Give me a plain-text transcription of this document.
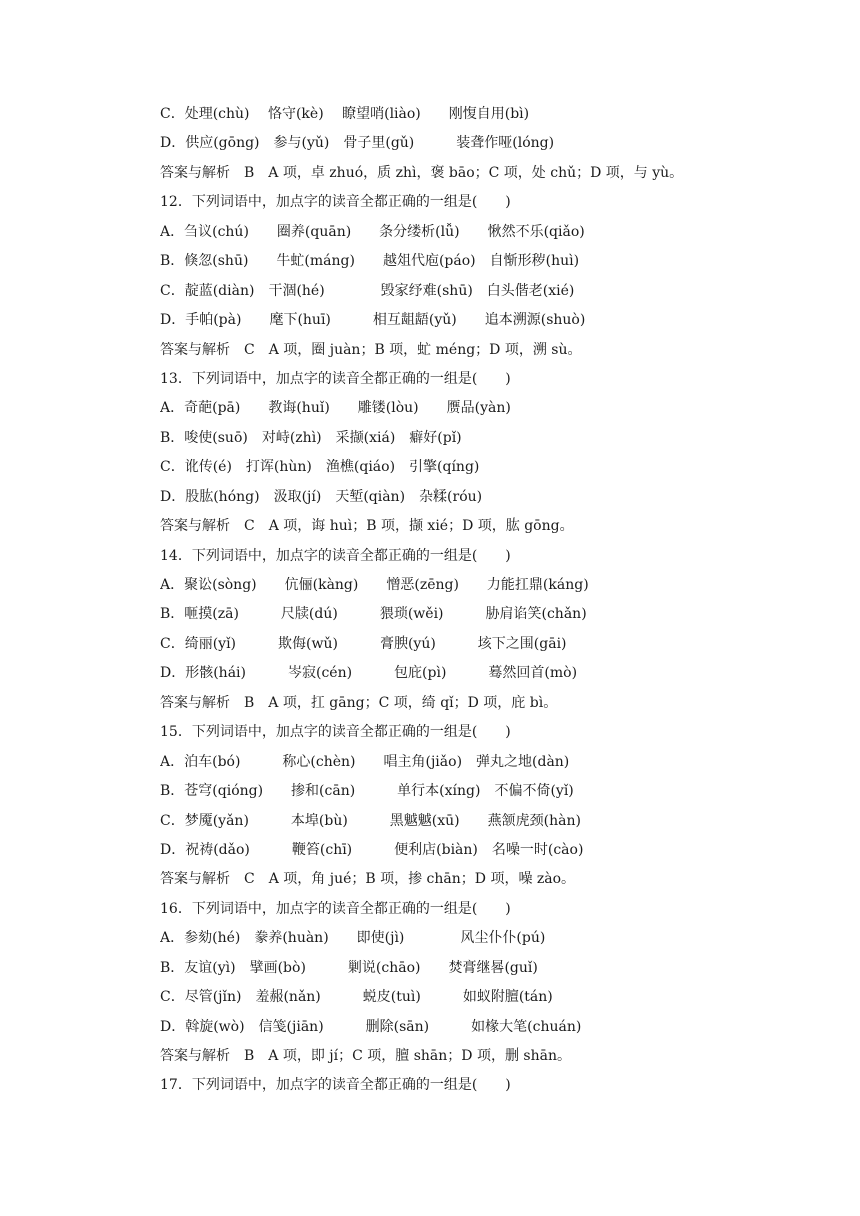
C．处理(chù)　 恪守(kè)　 瞭望哨(liào)　　刚愎自用(bì)
D．供应(gōng)　参与(yǔ)　骨子里(gǔ)　　　装聋作哑(lóng)
答案与解析　B　A 项，卓 zhuó，质 zhì，褒 bāo；C 项，处 chǔ；D 项，与 yù。
12．下列词语中，加点字的读音全都正确的一组是(　　)
A．刍议(chú)　　圈养(quān)　　条分缕析(lǚ)　　愀然不乐(qiǎo)
B．倏忽(shū)　　牛虻(máng)　　越俎代庖(páo)　自惭形秽(huì)
C．靛蓝(diàn)　干涸(hé)　　　　毁家纾难(shū)　白头偕老(xié)
D．手帕(pà)　　麾下(huī)　　　相互龃龉(yǔ)　　追本溯源(shuò)
答案与解析　C　A 项，圈 juàn；B 项，虻 méng；D 项，溯 sù。
13．下列词语中，加点字的读音全都正确的一组是(　　)
A．奇葩(pā)　　教诲(huǐ)　　雕镂(lòu)　　赝品(yàn)
B．唆使(suō)　对峙(zhì)　采撷(xiá)　癖好(pǐ)
C．讹传(é)　打诨(hùn)　渔樵(qiáo)　引擎(qíng)
D．股肱(hóng)　汲取(jí)　天堑(qiàn)　杂糅(róu)
答案与解析　C　A 项，诲 huì；B 项，撷 xié；D 项，肱 gōng。
14．下列词语中，加点字的读音全都正确的一组是(　　)
A．聚讼(sòng)　　伉俪(kàng)　　憎恶(zēng)　　力能扛鼎(káng)
B．咂摸(zā)　　　尺牍(dú)　　　猥琐(wěi)　　　胁肩谄笑(chǎn)
C．绮丽(yǐ)　　　欺侮(wǔ)　　　膏腴(yú)　　　垓下之围(gāi)
D．形骸(hái)　　　岑寂(cén)　　　包庇(pì)　　　蓦然回首(mò)
答案与解析　B　A 项，扛 gāng；C 项，绮 qǐ；D 项，庇 bì。
15．下列词语中，加点字的读音全都正确的一组是(　　)
A．泊车(bó)　　　称心(chèn)　　唱主角(jiǎo)　弹丸之地(dàn)
B．苍穹(qióng)　　掺和(cān)　　　单行本(xíng)　不偏不倚(yǐ)
C．梦魇(yǎn)　　　本埠(bù)　　　黑魆魆(xū)　　燕颔虎颈(hàn)
D．祝祷(dǎo)　　　鞭笞(chī)　　　便利店(biàn)　名噪一时(cào)
答案与解析　C　A 项，角 jué；B 项，掺 chān；D 项，噪 zào。
16．下列词语中，加点字的读音全都正确的一组是(　　)
A．参劾(hé)　豢养(huàn)　　即使(jì)　　　　风尘仆仆(pú)
B．友谊(yì)　擘画(bò)　　　剿说(chāo)　　焚膏继晷(guǐ)
C．尽管(jǐn)　羞赧(nǎn)　　　蜕皮(tuì)　　　如蚁附膻(tán)
D．斡旋(wò)　信笺(jiān)　　　删除(sān)　　　如椽大笔(chuán)
答案与解析　B　A 项，即 jí；C 项，膻 shān；D 项，删 shān。
17．下列词语中，加点字的读音全都正确的一组是(　　)
